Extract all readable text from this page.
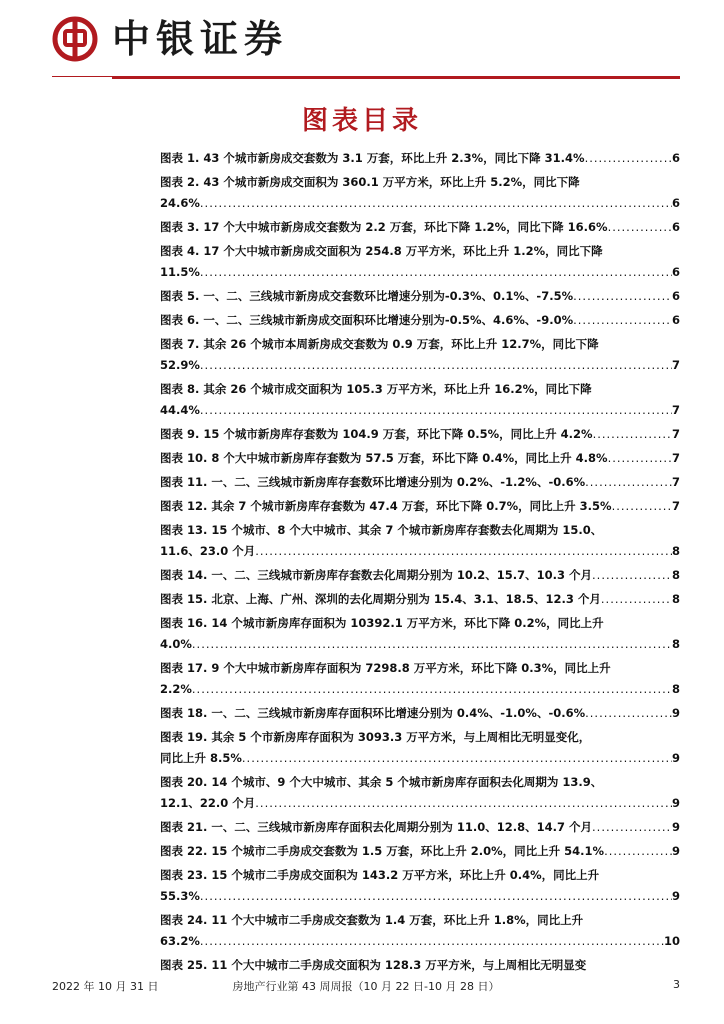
中银证券
图表目录
图表 1. 43 个城市新房成交套数为 3.1 万套，环比上升 2.3%，同比下降 31.4% .....	6
图表 2. 43 个城市新房成交面积为 360.1 万平方米，环比上升 5.2%，同比下降
24.6% .....	6
图表 3. 17 个大中城市新房成交套数为 2.2 万套，环比下降 1.2%，同比下降 16.6% .....	6
图表 4. 17 个大中城市新房成交面积为 254.8 万平方米，环比上升 1.2%，同比下降
11.5% .....	6
图表 5. 一、二、三线城市新房成交套数环比增速分别为-0.3%、0.1%、-7.5% .....	6
图表 6. 一、二、三线城市新房成交面积环比增速分别为-0.5%、4.6%、-9.0% .....	6
图表 7. 其余 26 个城市本周新房成交套数为 0.9 万套，环比上升 12.7%，同比下降
52.9% .....	7
图表 8. 其余 26 个城市成交面积为 105.3 万平方米，环比上升 16.2%，同比下降
44.4% .....	7
图表 9. 15 个城市新房库存套数为 104.9 万套，环比下降 0.5%，同比上升 4.2% .....	7
图表 10. 8 个大中城市新房库存套数为 57.5 万套，环比下降 0.4%，同比上升 4.8% .....	7
图表 11. 一、二、三线城市新房库存套数环比增速分别为 0.2%、-1.2%、-0.6% .....	7
图表 12. 其余 7 个城市新房库存套数为 47.4 万套，环比下降 0.7%，同比上升 3.5% .....	7
图表 13. 15 个城市、8 个大中城市、其余 7 个城市新房库存套数去化周期为 15.0、
11.6、23.0 个月 .....	8
图表 14. 一、二、三线城市新房库存套数去化周期分别为 10.2、15.7、10.3 个月 .....	8
图表 15. 北京、上海、广州、深圳的去化周期分别为 15.4、3.1、18.5、12.3 个月 .....	8
图表 16. 14 个城市新房库存面积为 10392.1 万平方米，环比下降 0.2%，同比上升
4.0% .....	8
图表 17. 9 个大中城市新房库存面积为 7298.8 万平方米，环比下降 0.3%，同比上升
2.2% .....	8
图表 18. 一、二、三线城市新房库存面积环比增速分别为 0.4%、-1.0%、-0.6% .....	9
图表 19. 其余 5 个市新房库存面积为 3093.3 万平方米，与上周相比无明显变化，
同比上升 8.5% .....	9
图表 20. 14 个城市、9 个大中城市、其余 5 个城市新房库存面积去化周期为 13.9、
12.1、22.0 个月 .....	9
图表 21. 一、二、三线城市新房库存面积去化周期分别为 11.0、12.8、14.7 个月 .....	9
图表 22. 15 个城市二手房成交套数为 1.5 万套，环比上升 2.0%，同比上升 54.1% .....	9
图表 23. 15 个城市二手房成交面积为 143.2 万平方米，环比上升 0.4%，同比上升
55.3% .....	9
图表 24. 11 个大中城市二手房成交套数为 1.4 万套，环比上升 1.8%，同比上升
63.2% .....	10
图表 25. 11 个大中城市二手房成交面积为 128.3 万平方米，与上周相比无明显变
2022 年 10 月 31 日	房地产行业第 43 周周报（10 月 22 日-10 月 28 日）	3
